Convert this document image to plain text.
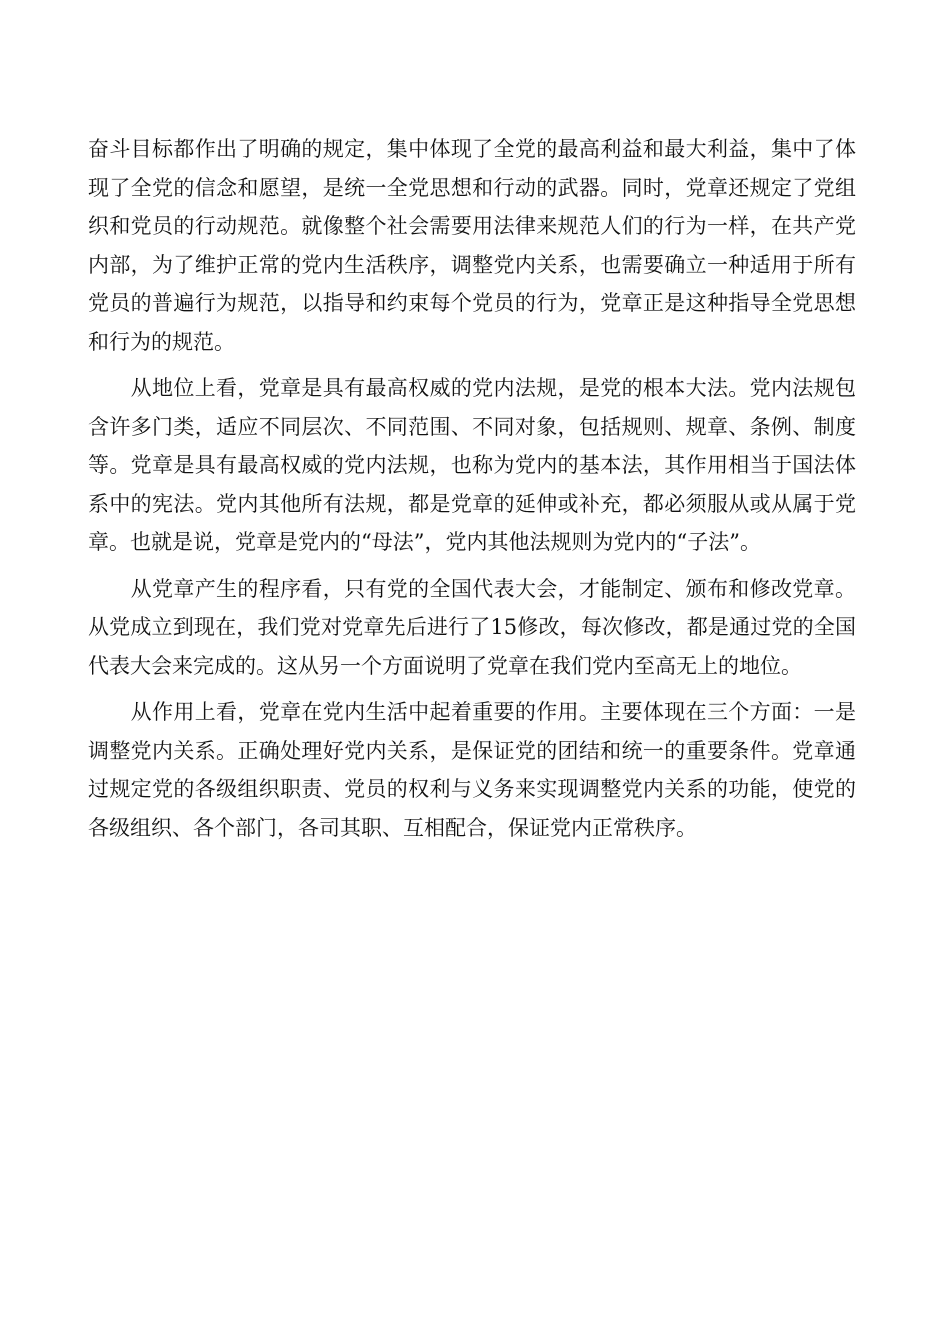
奋斗目标都作出了明确的规定，集中体现了全党的最高利益和最大利益，集中了体现了全党的信念和愿望，是统一全党思想和行动的武器。同时，党章还规定了党组织和党员的行动规范。就像整个社会需要用法律来规范人们的行为一样，在共产党内部，为了维护正常的党内生活秩序，调整党内关系，也需要确立一种适用于所有党员的普遍行为规范，以指导和约束每个党员的行为，党章正是这种指导全党思想和行为的规范。

　　从地位上看，党章是具有最高权威的党内法规，是党的根本大法。党内法规包含许多门类，适应不同层次、不同范围、不同对象，包括规则、规章、条例、制度等。党章是具有最高权威的党内法规，也称为党内的基本法，其作用相当于国法体系中的宪法。党内其他所有法规，都是党章的延伸或补充，都必须服从或从属于党章。也就是说，党章是党内的“母法”，党内其他法规则为党内的“子法”。

　　从党章产生的程序看，只有党的全国代表大会，才能制定、颁布和修改党章。从党成立到现在，我们党对党章先后进行了15修改，每次修改，都是通过党的全国代表大会来完成的。这从另一个方面说明了党章在我们党内至高无上的地位。

　　从作用上看，党章在党内生活中起着重要的作用。主要体现在三个方面：一是调整党内关系。正确处理好党内关系，是保证党的团结和统一的重要条件。党章通过规定党的各级组织职责、党员的权利与义务来实现调整党内关系的功能，使党的各级组织、各个部门，各司其职、互相配合，保证党内正常秩序。
